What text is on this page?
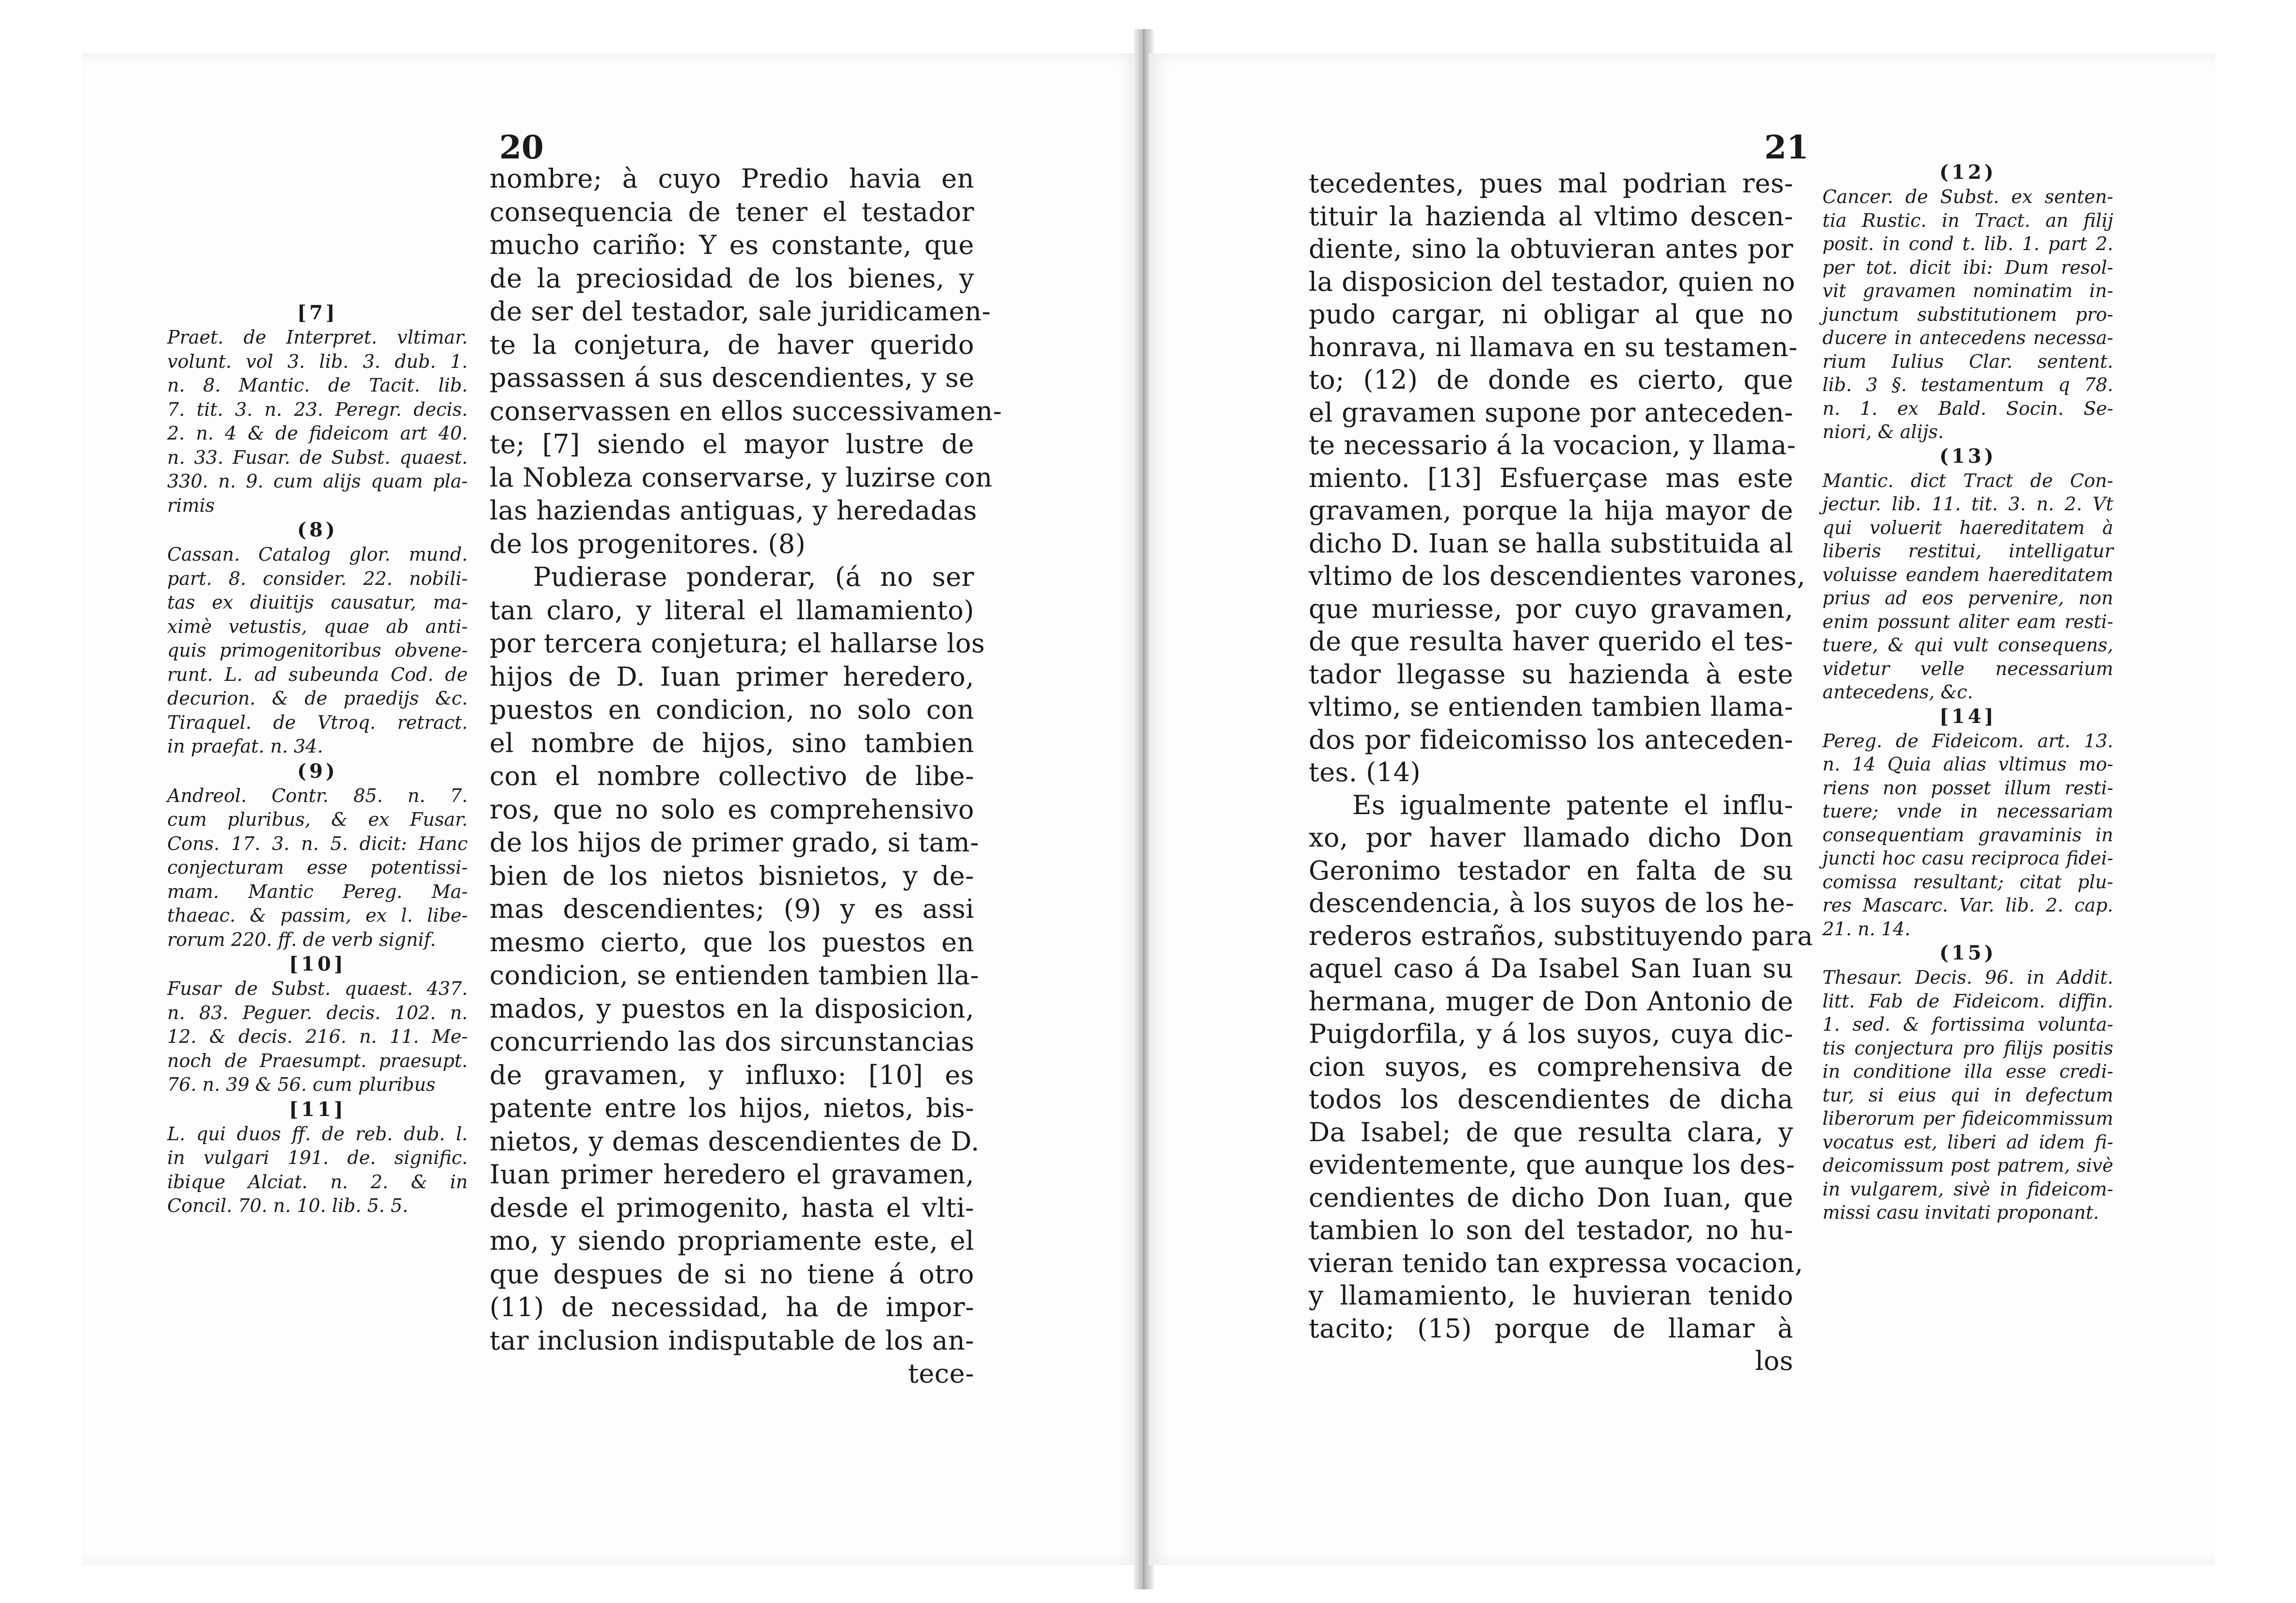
20	21
nombre; à cuyo Predio havia en
consequencia de tener el testador
mucho cariño: Y es constante, que
de la preciosidad de los bienes, y
de ser del testador, sale juridicamen-
te la conjetura, de haver querido
passassen á sus descendientes, y se
conservassen en ellos successivamen-
te; [7] siendo el mayor lustre de
la Nobleza conservarse, y luzirse con
las haziendas antiguas, y heredadas
de los progenitores. (8)
Pudierase ponderar, (á no ser
tan claro, y literal el llamamiento)
por tercera conjetura; el hallarse los
hijos de D. Iuan primer heredero,
puestos en condicion, no solo con
el nombre de hijos, sino tambien
con el nombre collectivo de libe-
ros, que no solo es comprehensivo
de los hijos de primer grado, si tam-
bien de los nietos bisnietos, y de-
mas descendientes; (9) y es assi
mesmo cierto, que los puestos en
condicion, se entienden tambien lla-
mados, y puestos en la disposicion,
concurriendo las dos sircunstancias
de gravamen, y influxo: [10] es
patente entre los hijos, nietos, bis-
nietos, y demas descendientes de D.
Iuan primer heredero el gravamen,
desde el primogenito, hasta el vlti-
mo, y siendo propriamente este, el
que despues de si no tiene á otro
(11) de necessidad, ha de impor-
tar inclusion indisputable de los an-
tece-
[7]
Praet. de Interpret. vltimar.
volunt. vol 3. lib. 3. dub. 1.
n. 8. Mantic. de Tacit. lib.
7. tit. 3. n. 23. Peregr. decis.
2. n. 4 & de fideicom art 40.
n. 33. Fusar. de Subst. quaest.
330. n. 9. cum alijs quam pla-
rimis
(8)
Cassan. Catalog glor. mund.
part. 8. consider. 22. nobili-
tas ex diuitijs causatur, ma-
ximè vetustis, quae ab anti-
quis primogenitoribus obvene-
runt. L. ad subeunda Cod. de
decurion. & de praedijs &c.
Tiraquel. de Vtroq. retract.
in praefat. n. 34.
(9)
Andreol. Contr. 85. n. 7.
cum pluribus, & ex Fusar.
Cons. 17. 3. n. 5. dicit: Hanc
conjecturam esse potentissi-
mam. Mantic Pereg. Ma-
thaeac. & passim, ex l. libe-
rorum 220. ff. de verb signif.
[10]
Fusar de Subst. quaest. 437.
n. 83. Peguer. decis. 102. n.
12. & decis. 216. n. 11. Me-
noch de Praesumpt. praesupt.
76. n. 39 & 56. cum pluribus
[11]
L. qui duos ff. de reb. dub. l.
in vulgari 191. de. signific.
ibique Alciat. n. 2. & in
Concil. 70. n. 10. lib. 5. 5.
tecedentes, pues mal podrian res-
tituir la hazienda al vltimo descen-
diente, sino la obtuvieran antes por
la disposicion del testador, quien no
pudo cargar, ni obligar al que no
honrava, ni llamava en su testamen-
to; (12) de donde es cierto, que
el gravamen supone por anteceden-
te necessario á la vocacion, y llama-
miento. [13] Esfuerçase mas este
gravamen, porque la hija mayor de
dicho D. Iuan se halla substituida al
vltimo de los descendientes varones,
que muriesse, por cuyo gravamen,
de que resulta haver querido el tes-
tador llegasse su hazienda à este
vltimo, se entienden tambien llama-
dos por fideicomisso los anteceden-
tes. (14)
Es igualmente patente el influ-
xo, por haver llamado dicho Don
Geronimo testador en falta de su
descendencia, à los suyos de los he-
rederos estraños, substituyendo para
aquel caso á Da Isabel San Iuan su
hermana, muger de Don Antonio de
Puigdorfila, y á los suyos, cuya dic-
cion suyos, es comprehensiva de
todos los descendientes de dicha
Da Isabel; de que resulta clara, y
evidentemente, que aunque los des-
cendientes de dicho Don Iuan, que
tambien lo son del testador, no hu-
vieran tenido tan expressa vocacion,
y llamamiento, le huvieran tenido
tacito; (15) porque de llamar à
los
(12)
Cancer. de Subst. ex senten-
tia Rustic. in Tract. an filij
posit. in cond t. lib. 1. part 2.
per tot. dicit ibi: Dum resol-
vit gravamen nominatim in-
junctum substitutionem pro-
ducere in antecedens necessa-
rium Iulius Clar. sentent.
lib. 3 §. testamentum q 78.
n. 1. ex Bald. Socin. Se-
niori, & alijs.
(13)
Mantic. dict Tract de Con-
jectur. lib. 11. tit. 3. n. 2. Vt
qui voluerit haereditatem à
liberis restitui, intelligatur
voluisse eandem haereditatem
prius ad eos pervenire, non
enim possunt aliter eam resti-
tuere, & qui vult consequens,
videtur velle necessarium
antecedens, &c.
[14]
Pereg. de Fideicom. art. 13.
n. 14 Quia alias vltimus mo-
riens non posset illum resti-
tuere; vnde in necessariam
consequentiam gravaminis in
juncti hoc casu reciproca fidei-
comissa resultant; citat plu-
res Mascarc. Var. lib. 2. cap.
21. n. 14.
(15)
Thesaur. Decis. 96. in Addit.
litt. Fab de Fideicom. diffin.
1. sed. & fortissima volunta-
tis conjectura pro filijs positis
in conditione illa esse credi-
tur, si eius qui in defectum
liberorum per fideicommissum
vocatus est, liberi ad idem fi-
deicomissum post patrem, sivè
in vulgarem, sivè in fideicom-
missi casu invitati proponant.
